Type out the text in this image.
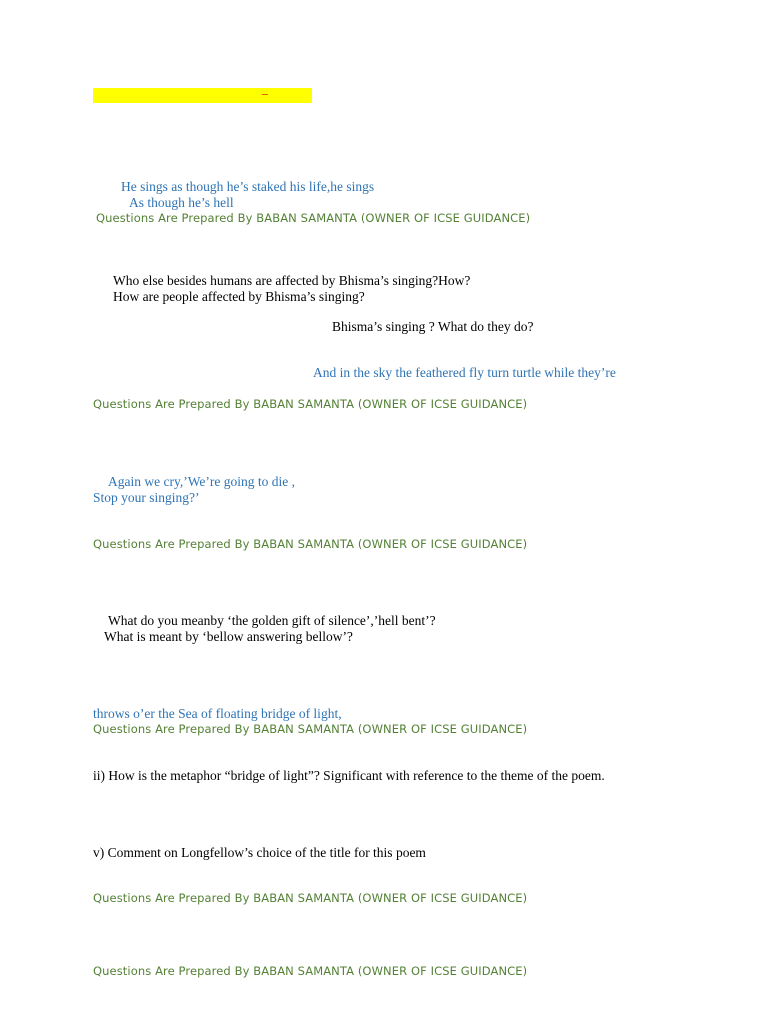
–
He sings as though he’s staked his life,he sings
As though he’s hell
Questions Are Prepared By BABAN SAMANTA (OWNER OF ICSE GUIDANCE)
Who else besides humans are affected by Bhisma’s singing?How?
How are people affected by Bhisma’s singing?
Bhisma’s singing ? What do they do?
And in the sky the feathered fly turn turtle while they’re
Questions Are Prepared By BABAN SAMANTA (OWNER OF ICSE GUIDANCE)
Again we cry,’We’re going to die ,
Stop your singing?’
Questions Are Prepared By BABAN SAMANTA (OWNER OF ICSE GUIDANCE)
What do you meanby ‘the golden gift of silence’,’hell bent’?
What is meant by ‘bellow answering bellow’?
throws o’er the Sea of floating bridge of light,
Questions Are Prepared By BABAN SAMANTA (OWNER OF ICSE GUIDANCE)
ii) How is the metaphor “bridge of light”? Significant with reference to the theme of the poem.
v) Comment on Longfellow’s choice of the title for this poem
Questions Are Prepared By BABAN SAMANTA (OWNER OF ICSE GUIDANCE)
Questions Are Prepared By BABAN SAMANTA (OWNER OF ICSE GUIDANCE)
